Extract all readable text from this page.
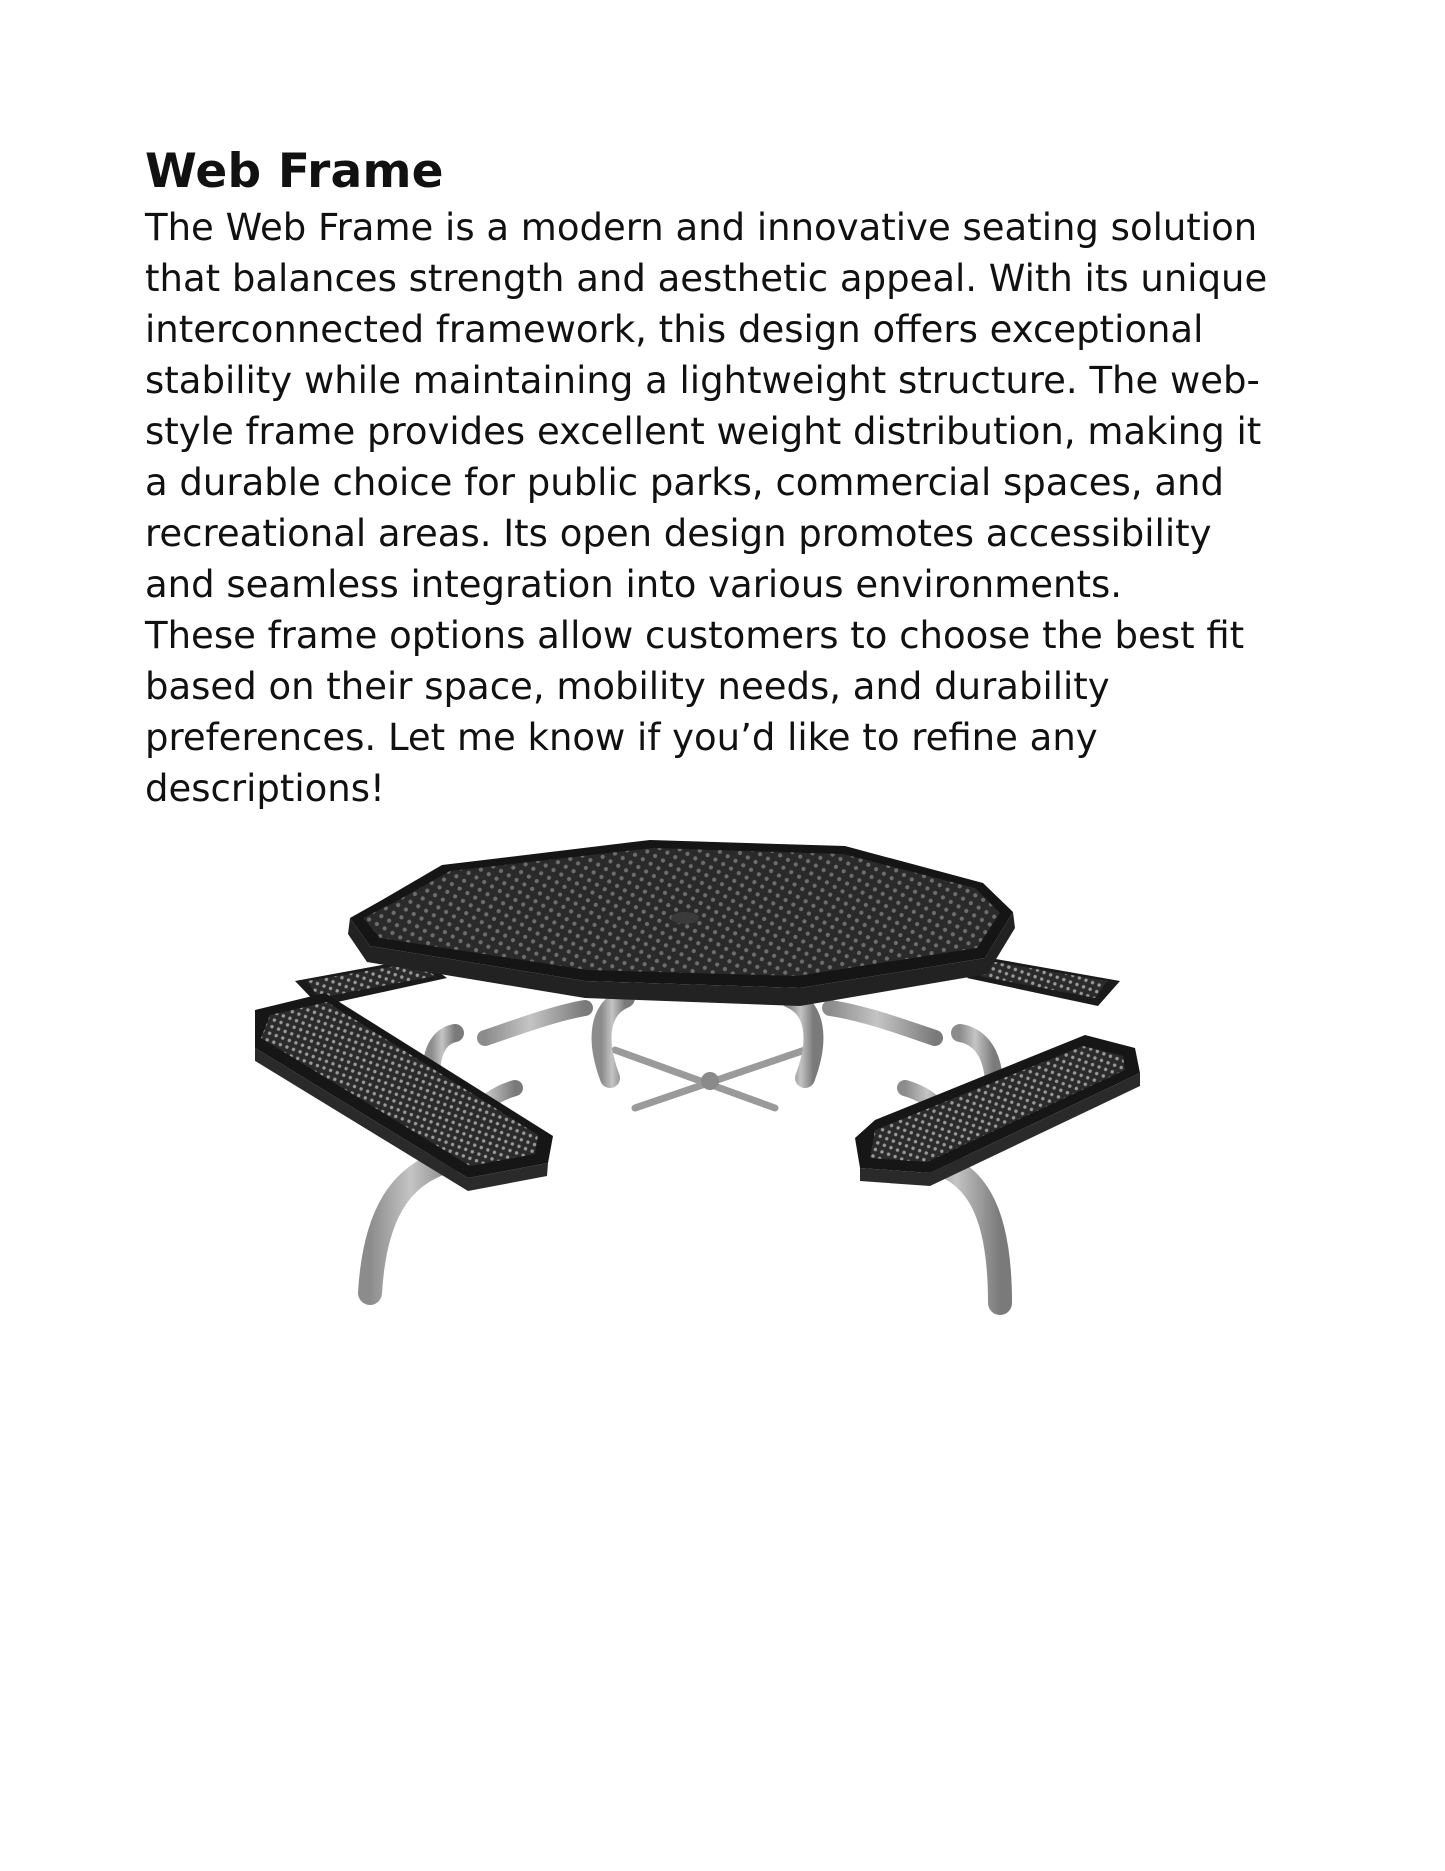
Web Frame

The Web Frame is a modern and innovative seating solution
that balances strength and aesthetic appeal. With its unique
interconnected framework, this design offers exceptional
stability while maintaining a lightweight structure. The web-
style frame provides excellent weight distribution, making it
a durable choice for public parks, commercial spaces, and
recreational areas. Its open design promotes accessibility
and seamless integration into various environments.
These frame options allow customers to choose the best fit
based on their space, mobility needs, and durability
preferences. Let me know if you’d like to refine any
descriptions!
